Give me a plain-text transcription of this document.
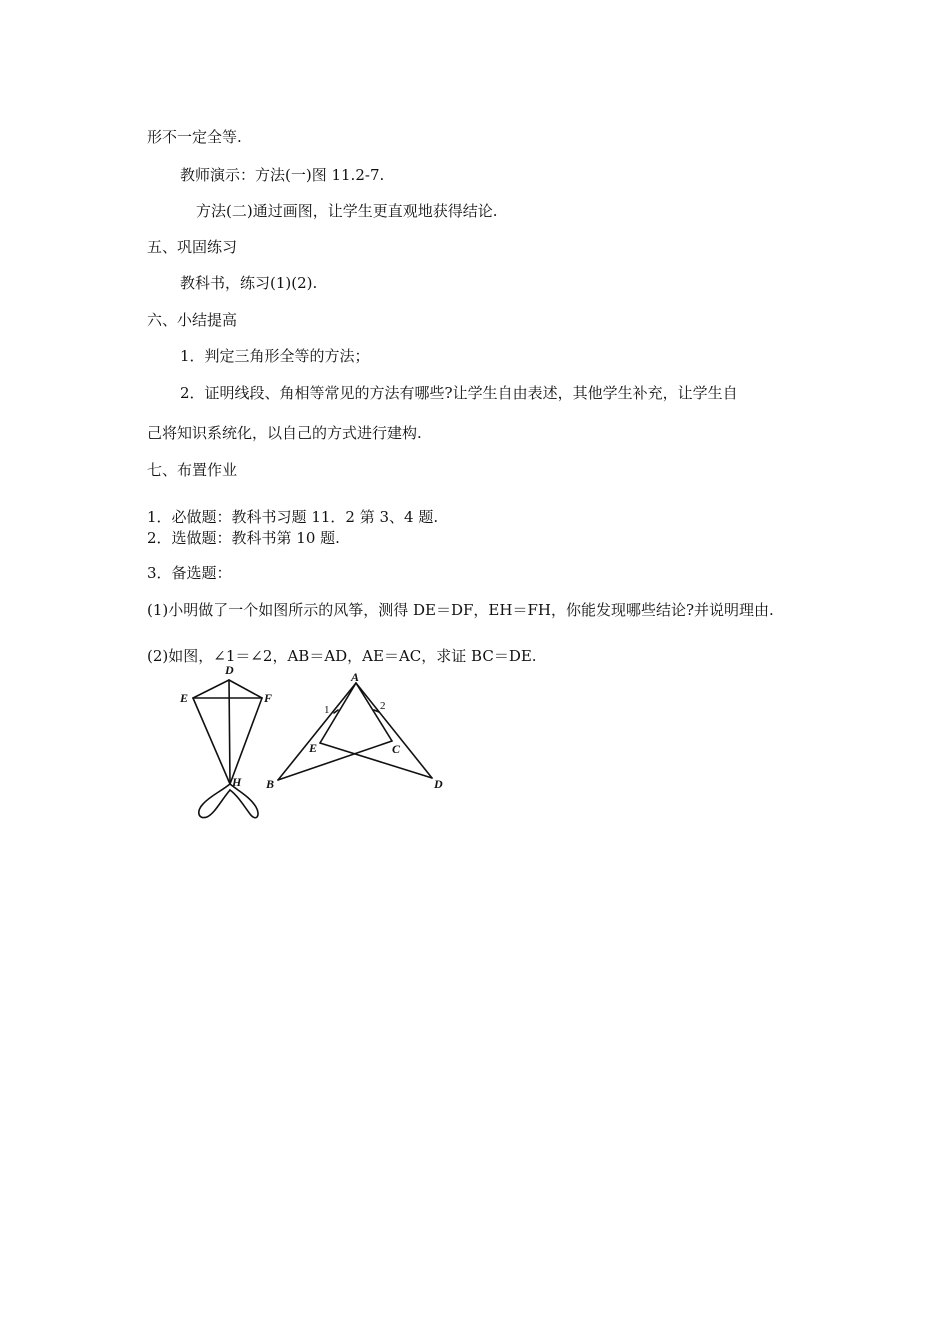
形不一定全等.
教师演示：方法(一)图 11.2-7.
方法(二)通过画图，让学生更直观地获得结论.
五、巩固练习
教科书，练习(1)(2).
六、小结提高
1．判定三角形全等的方法；
2．证明线段、角相等常见的方法有哪些?让学生自由表述，其他学生补充，让学生自
己将知识系统化，以自己的方式进行建构.
七、布置作业
1．必做题：教科书习题 11．2 第 3、4 题.
2．选做题：教科书第 10 题.
3．备选题：
(1)小明做了一个如图所示的风筝，测得 DE＝DF，EH＝FH，你能发现哪些结论?并说明理由.
(2)如图，∠1＝∠2，AB＝AD，AE＝AC，求证 BC＝DE.
D
E	F
H
A
B
C
D
E
1	2
